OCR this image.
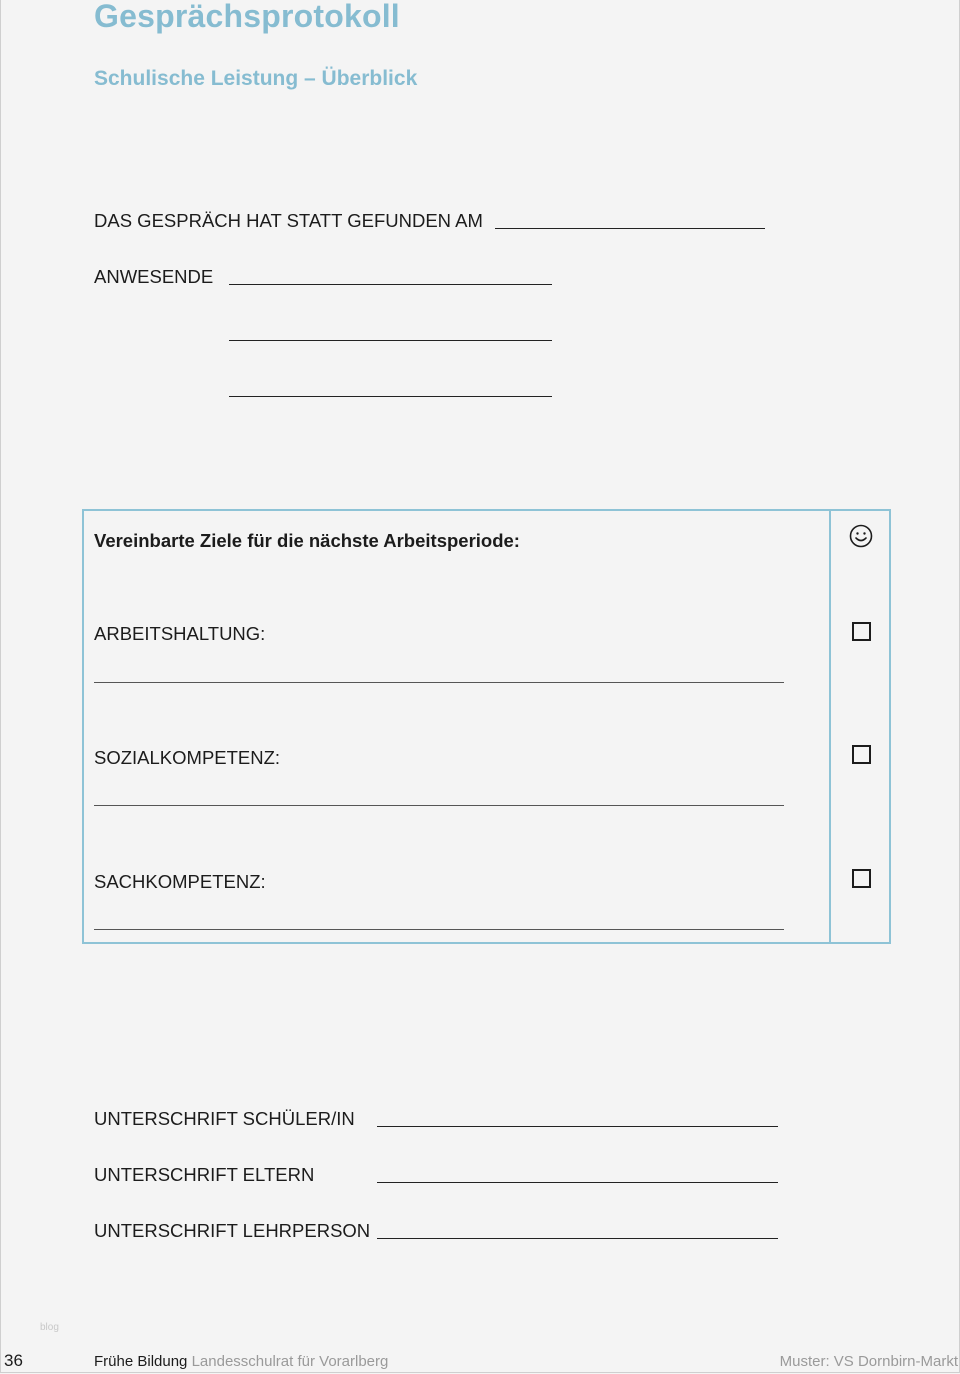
Gesprächsprotokoll
Schulische Leistung – Überblick
DAS GESPRÄCH HAT STATT GEFUNDEN AM
ANWESENDE
Vereinbarte Ziele für die nächste Arbeitsperiode:
ARBEITSHALTUNG:
SOZIALKOMPETENZ:
SACHKOMPETENZ:
UNTERSCHRIFT SCHÜLER/IN
UNTERSCHRIFT ELTERN
UNTERSCHRIFT LEHRPERSON
blog
36	Frühe Bildung Landesschulrat für Vorarlberg	Muster: VS Dornbirn-Markt
